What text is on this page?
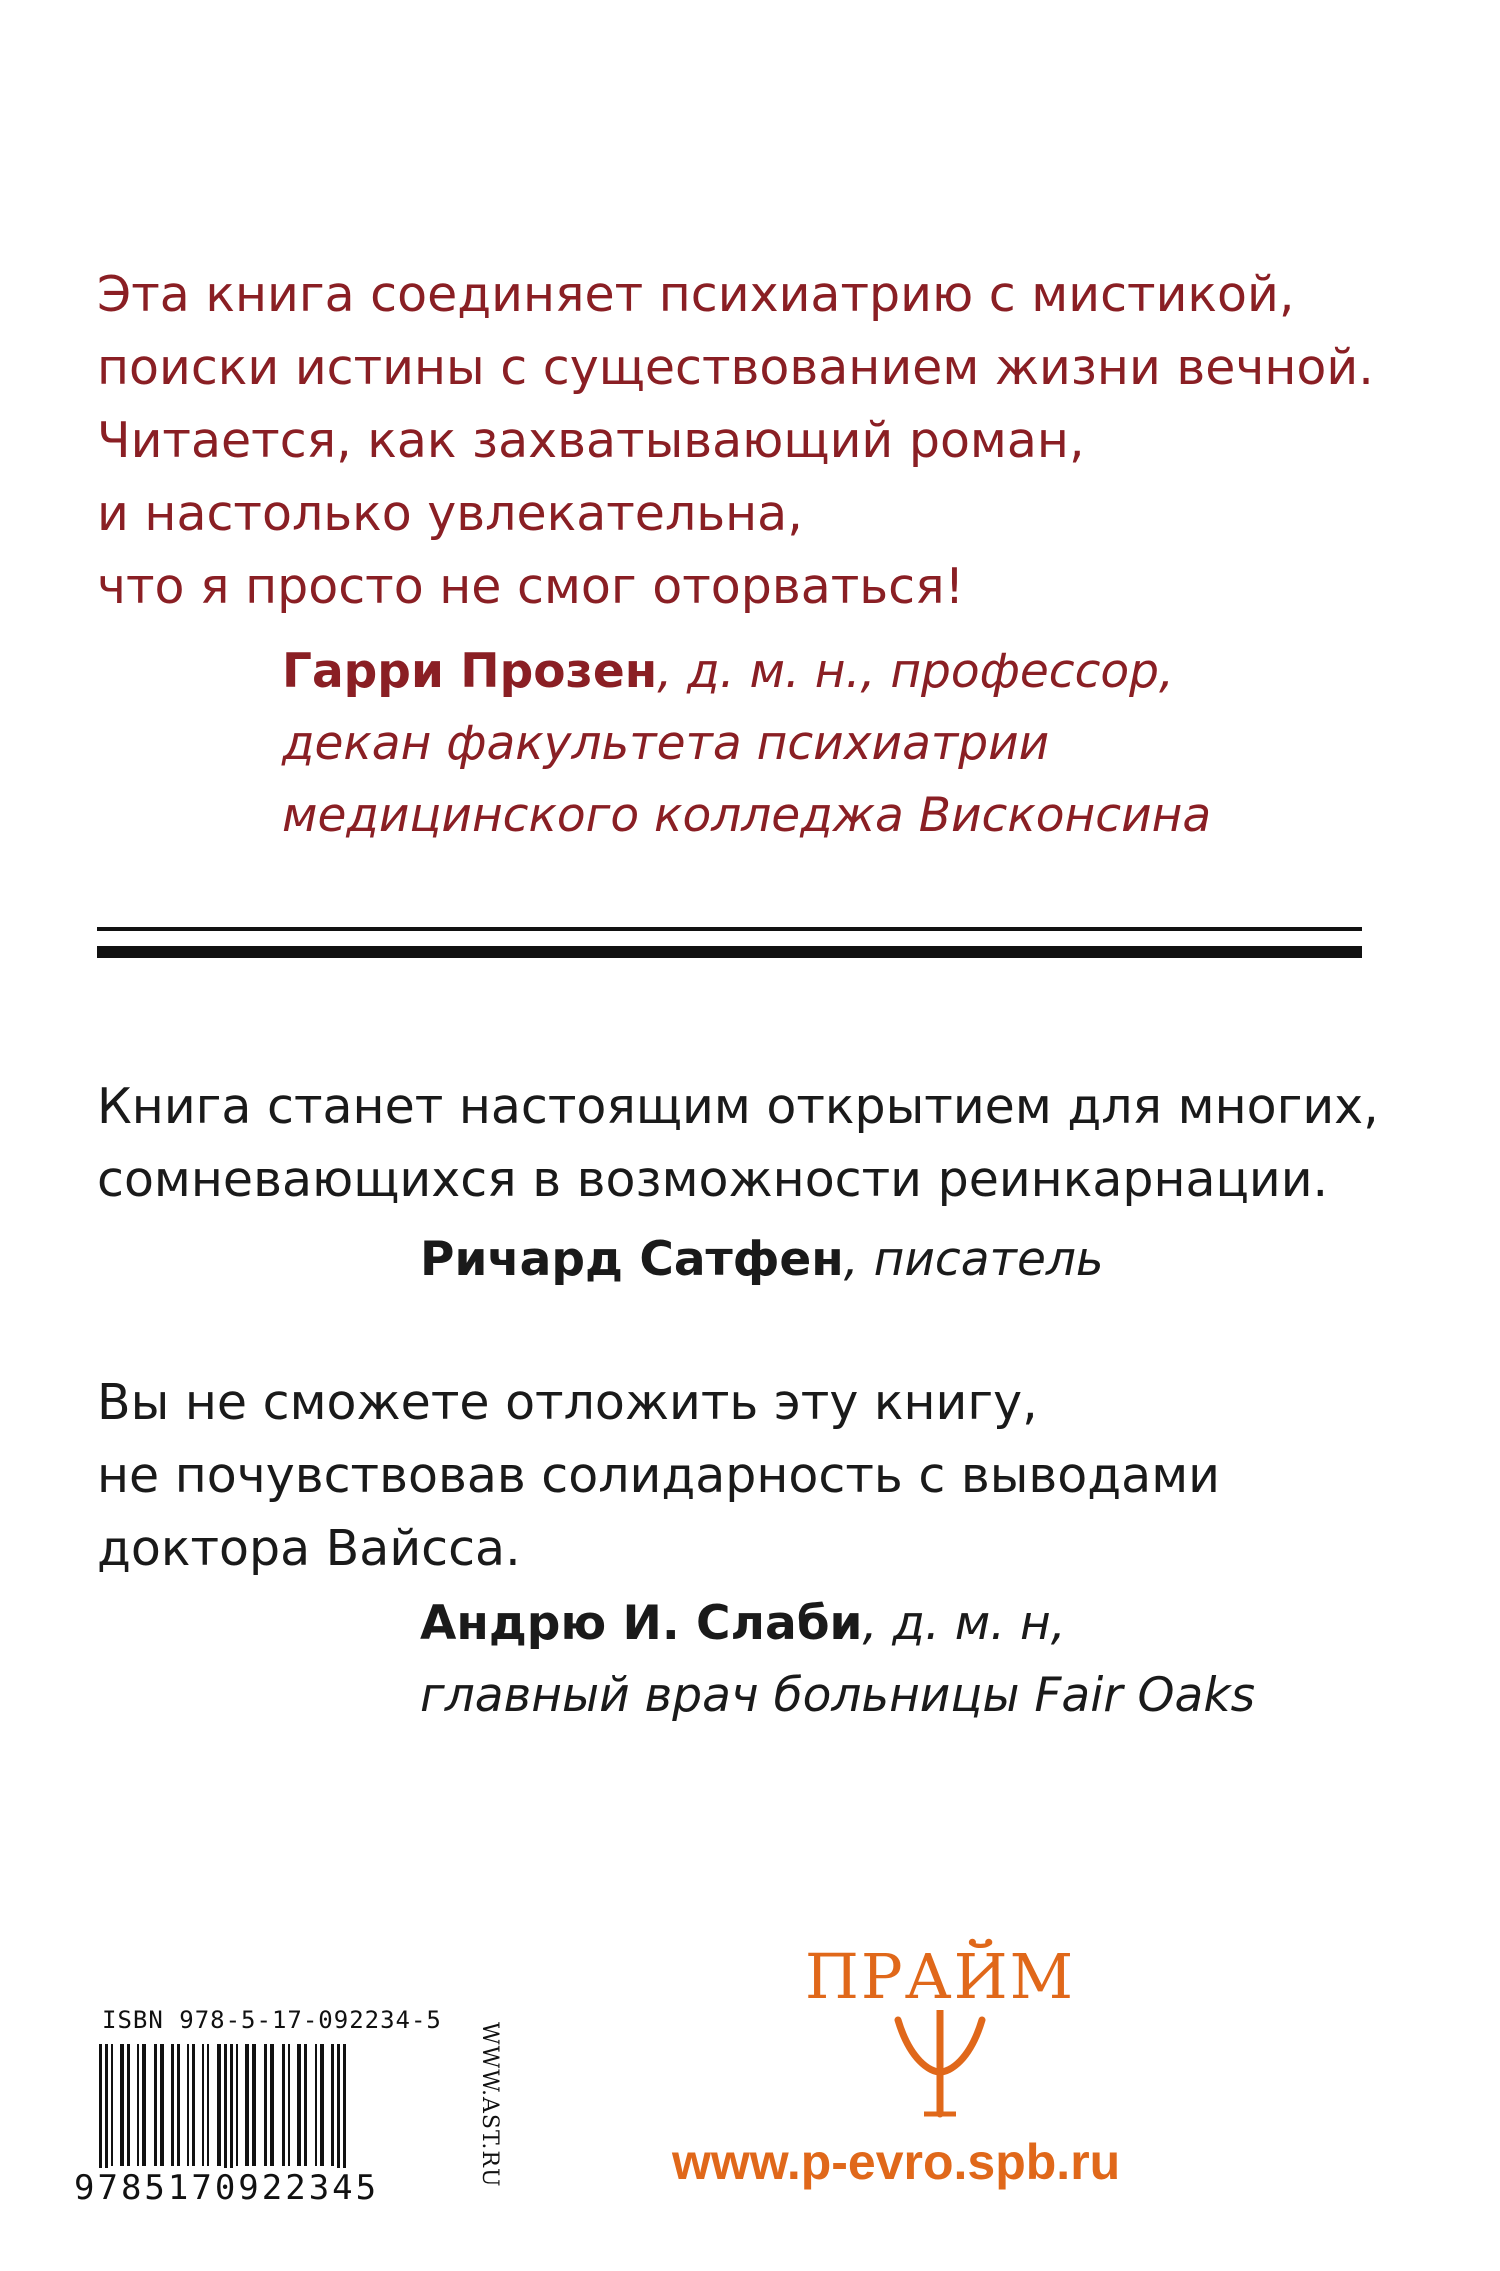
Эта книга соединяет психиатрию с мистикой,
поиски истины с существованием жизни вечной.
Читается, как захватывающий роман,
и настолько увлекательна,
что я просто не смог оторваться!
Гарри Прозен, д. м. н., профессор,
декан факультета психиатрии
медицинского колледжа Висконсина
Книга станет настоящим открытием для многих,
сомневающихся в возможности реинкарнации.
Ричард Сатфен, писатель
Вы не сможете отложить эту книгу,
не почувствовав солидарность с выводами
доктора Вайсса.
Андрю И. Слаби, д. м. н,
главный врач больницы Fair Oaks
ISBN 978-5-17-092234-5
9785170922345
WWW.AST.RU
ПРАЙМ
www.p-evro.spb.ru
